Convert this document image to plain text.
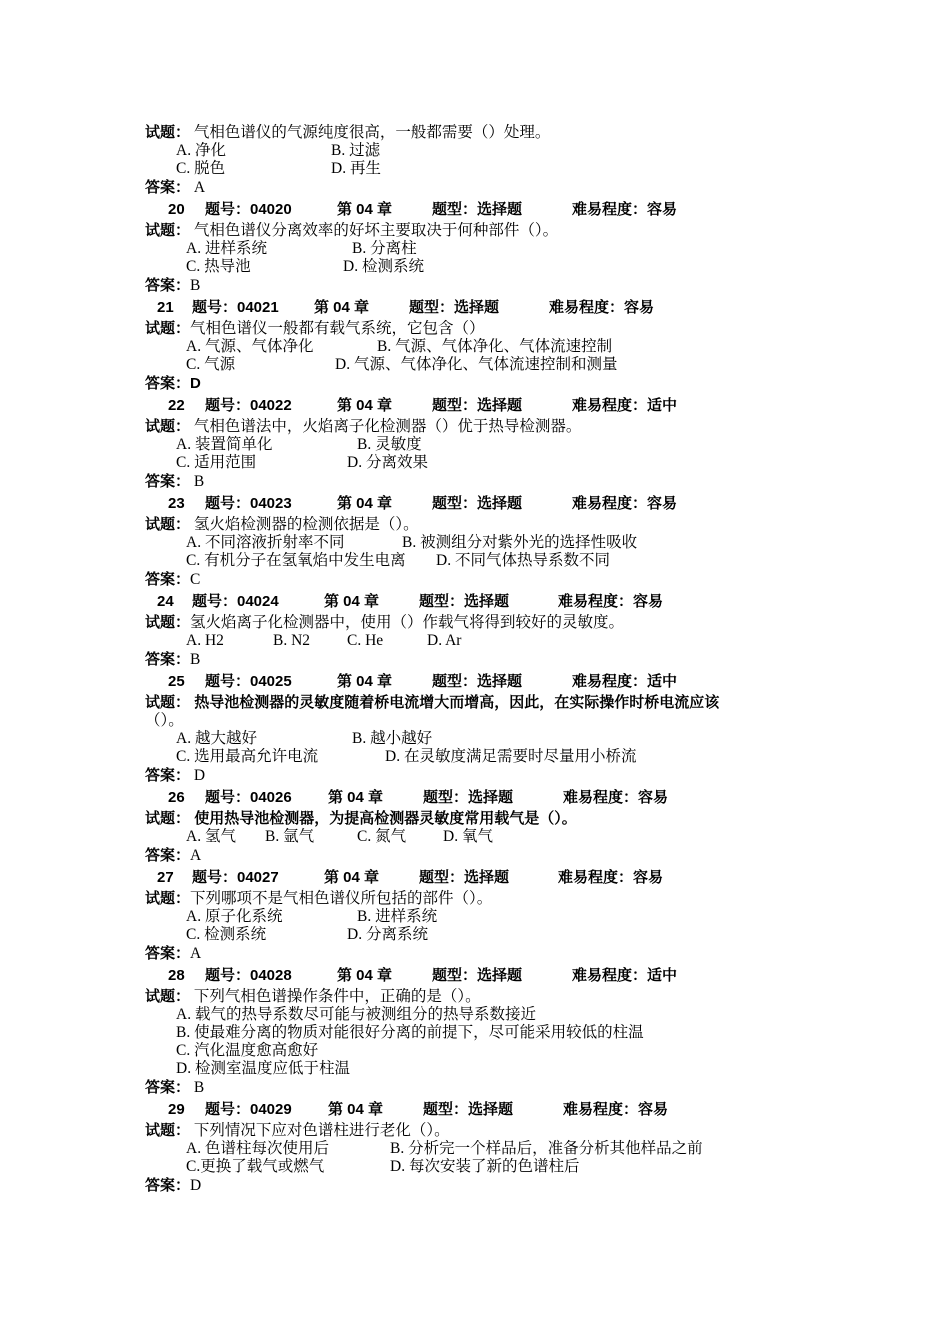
试题： 气相色谱仪的气源纯度很高，一般都需要（）处理。
A. 净化	B. 过滤
C. 脱色	D. 再生
答案： A
20 题号：04020	第 04 章	题型：选择题	难易程度：容易
试题： 气相色谱仪分离效率的好坏主要取决于何种部件（）。
A. 进样系统	B. 分离柱
C. 热导池	D. 检测系统
答案：B
21 题号：04021 第 04 章	题型：选择题	难易程度：容易
试题：气相色谱仪一般都有载气系统，它包含（）
A. 气源、气体净化	B. 气源、气体净化、气体流速控制
C. 气源	D. 气源、气体净化、气体流速控制和测量
答案：D
22 题号：04022	第 04 章	题型：选择题	难易程度：适中
试题： 气相色谱法中，火焰离子化检测器（）优于热导检测器。
A. 装置简单化	B. 灵敏度
C. 适用范围	D. 分离效果
答案： B
23 题号：04023	第 04 章	题型：选择题	难易程度：容易
试题： 氢火焰检测器的检测依据是（）。
A. 不同溶液折射率不同	B. 被测组分对紫外光的选择性吸收
C. 有机分子在氢氧焰中发生电离 D. 不同气体热导系数不同
答案：C
24 题号：04024	第 04 章	题型：选择题	难易程度：容易
试题：氢火焰离子化检测器中，使用（）作载气将得到较好的灵敏度。
A. H2	B. N2 C. He	D. Ar
答案：B
25 题号：04025	第 04 章	题型：选择题	难易程度：适中
试题： 热导池检测器的灵敏度随着桥电流增大而增高，因此，在实际操作时桥电流应该
（）。
A. 越大越好	B. 越小越好
C. 选用最高允许电流	D. 在灵敏度满足需要时尽量用小桥流
答案： D
26 题号：04026 第 04 章	题型：选择题	难易程度：容易
试题： 使用热导池检测器，为提高检测器灵敏度常用载气是（）。
A. 氢气 B. 氩气	C. 氮气 D. 氧气
答案：A
27 题号：04027	第 04 章	题型：选择题	难易程度：容易
试题：下列哪项不是气相色谱仪所包括的部件（）。
A. 原子化系统	B. 进样系统
C. 检测系统	D. 分离系统
答案：A
28 题号：04028	第 04 章	题型：选择题	难易程度：适中
试题： 下列气相色谱操作条件中，正确的是（）。
A. 载气的热导系数尽可能与被测组分的热导系数接近
B. 使最难分离的物质对能很好分离的前提下，尽可能采用较低的柱温
C. 汽化温度愈高愈好
D. 检测室温度应低于柱温
答案： B
29 题号：04029 第 04 章	题型：选择题	难易程度：容易
试题： 下列情况下应对色谱柱进行老化（）。
A. 色谱柱每次使用后	B. 分析完一个样品后，准备分析其他样品之前
C.更换了载气或燃气	D. 每次安装了新的色谱柱后
答案：D
